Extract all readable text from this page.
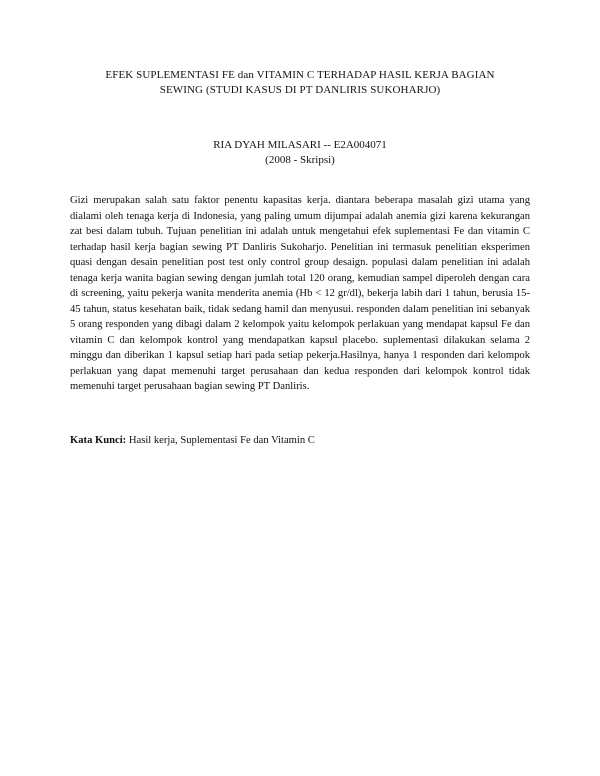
EFEK SUPLEMENTASI FE dan VITAMIN C TERHADAP HASIL KERJA BAGIAN
SEWING (STUDI KASUS DI PT DANLIRIS SUKOHARJO)
RIA DYAH MILASARI -- E2A004071
(2008 - Skripsi)

Gizi merupakan salah satu faktor penentu kapasitas kerja. diantara beberapa masalah gizi utama yang dialami oleh tenaga kerja di Indonesia, yang paling umum dijumpai adalah anemia gizi karena kekurangan zat besi dalam tubuh. Tujuan penelitian ini adalah untuk mengetahui efek suplementasi Fe dan vitamin C terhadap hasil kerja bagian sewing PT Danliris Sukoharjo. Penelitian ini termasuk penelitian eksperimen quasi dengan desain penelitian post test only control group desaign. populasi dalam penelitian ini adalah tenaga kerja wanita bagian sewing dengan jumlah total 120 orang, kemudian sampel diperoleh dengan cara di screening, yaitu pekerja wanita menderita anemia (Hb < 12 gr/dl), bekerja labih dari 1 tahun, berusia 15-45 tahun, status kesehatan baik, tidak sedang hamil dan menyusui. responden dalam penelitian ini sebanyak 5 orang responden yang dibagi dalam 2 kelompok yaitu kelompok perlakuan yang mendapat kapsul Fe dan vitamin C dan kelompok kontrol yang mendapatkan kapsul placebo. suplementasi dilakukan selama 2 minggu dan diberikan 1 kapsul setiap hari pada setiap pekerja.Hasilnya, hanya 1 responden dari kelompok perlakuan yang dapat memenuhi target perusahaan dan kedua responden dari kelompok kontrol tidak memenuhi target perusahaan bagian sewing PT Danliris.

Kata Kunci: Hasil kerja, Suplementasi Fe dan Vitamin C
